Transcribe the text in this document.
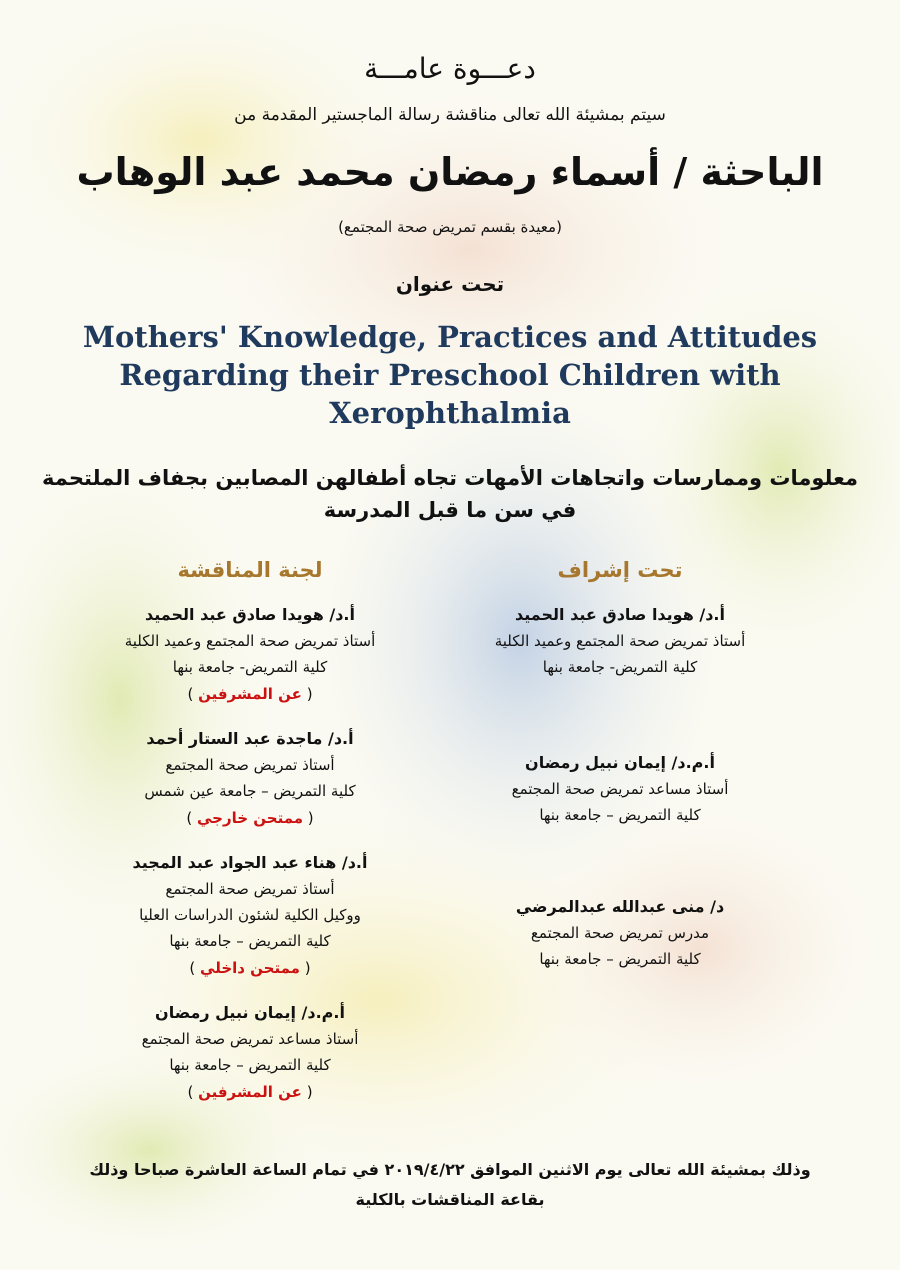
دعـــوة عامـــة
سيتم بمشيئة الله تعالى مناقشة رسالة الماجستير المقدمة من
الباحثة / أسماء رمضان محمد عبد الوهاب
(معيدة بقسم تمريض صحة المجتمع)
تحت عنوان
Mothers' Knowledge, Practices and Attitudes
Regarding their Preschool Children with
Xerophthalmia
معلومات وممارسات واتجاهات الأمهات تجاه أطفالهن المصابين بجفاف الملتحمة
في سن ما قبل المدرسة
تحت إشراف
أ.د/ هويدا صادق عبد الحميد
أستاذ تمريض صحة المجتمع وعميد الكلية
كلية التمريض- جامعة بنها
أ.م.د/ إيمان نبيل رمضان
أستاذ مساعد تمريض صحة المجتمع
كلية التمريض – جامعة بنها
د/ منى عبدالله عبدالمرضي
مدرس تمريض صحة المجتمع
كلية التمريض – جامعة بنها
لجنة المناقشة
أ.د/ هويدا صادق عبد الحميد
أستاذ تمريض صحة المجتمع وعميد الكلية
كلية التمريض- جامعة بنها
( عن المشرفين )
أ.د/ ماجدة عبد الستار أحمد
أستاذ تمريض صحة المجتمع
كلية التمريض – جامعة عين شمس
( ممتحن خارجي )
أ.د/ هناء عبد الجواد عبد المجيد
أستاذ تمريض صحة المجتمع
ووكيل الكلية لشئون الدراسات العليا
كلية التمريض – جامعة بنها
( ممتحن داخلي )
أ.م.د/ إيمان نبيل رمضان
أستاذ مساعد تمريض صحة المجتمع
كلية التمريض – جامعة بنها
( عن المشرفين )
وذلك بمشيئة الله تعالى يوم الاثنين الموافق ٢٠١٩/٤/٢٢ في تمام الساعة العاشرة صباحا وذلك
بقاعة المناقشات بالكلية
